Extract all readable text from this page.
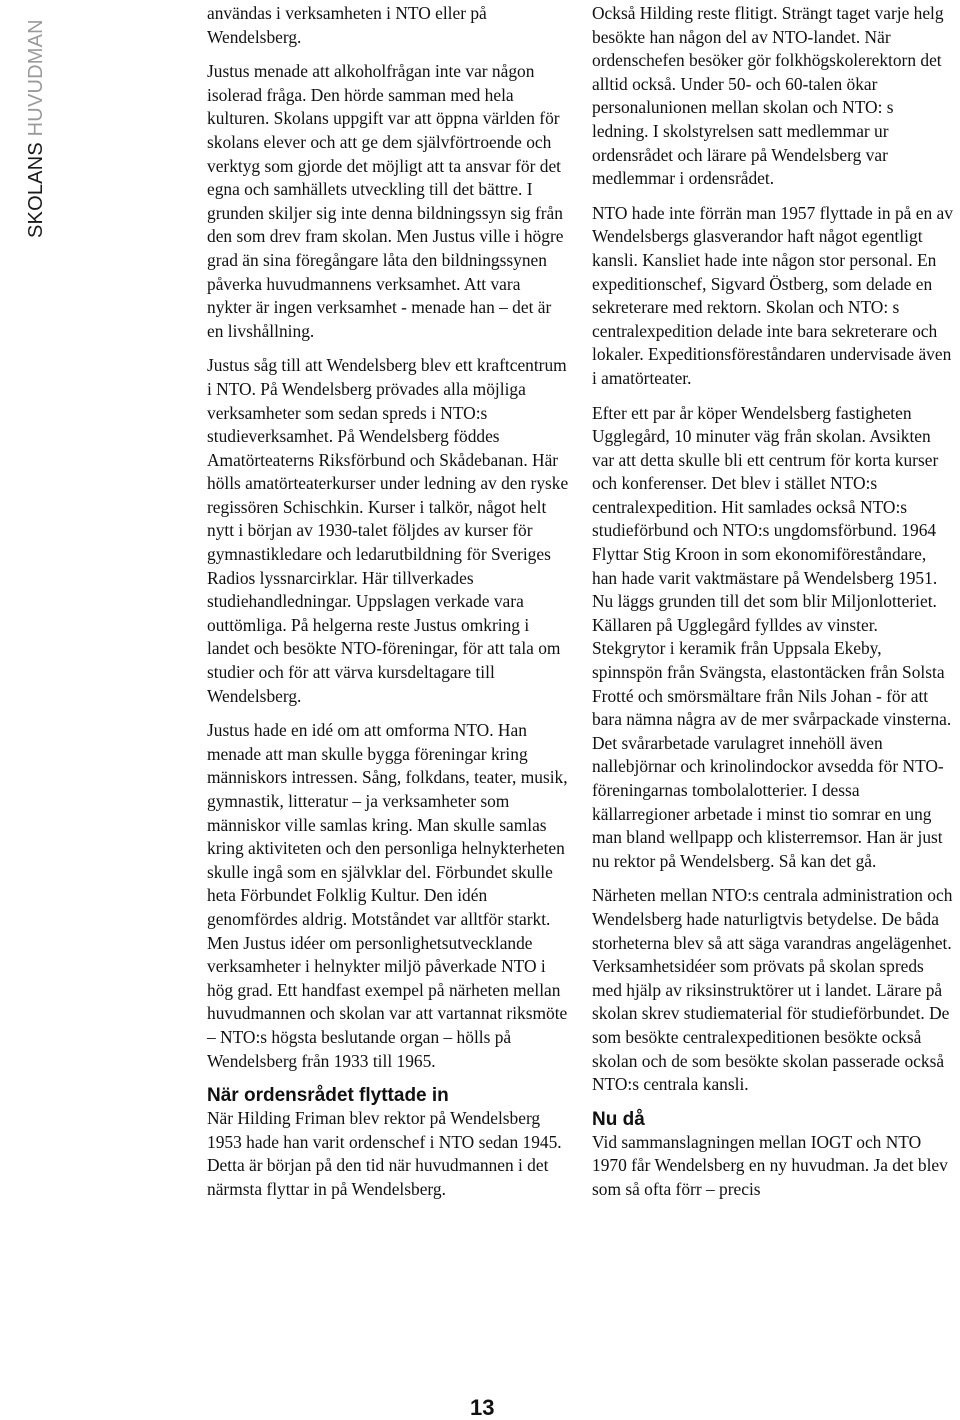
SKOLANS HUVUDMAN

användas i verksamheten i NTO eller på Wendelsberg.

Justus menade att alkoholfrågan inte var någon isolerad fråga. Den hörde samman med hela kulturen. Skolans uppgift var att öppna världen för skolans elever och att ge dem självförtroende och verktyg som gjorde det möjligt att ta ansvar för det egna och samhällets utveckling till det bättre. I grunden skiljer sig inte denna bildningssyn sig från den som drev fram skolan. Men Justus ville i högre grad än sina föregångare låta den bildningssynen påverka huvudmannens verksamhet. Att vara nykter är ingen verksamhet - menade han – det är en livshållning.

Justus såg till att Wendelsberg blev ett kraftcentrum i NTO. På Wendelsberg prövades alla möjliga verksamheter som sedan spreds i NTO:s studieverksamhet. På Wendelsberg föddes Amatörteaterns Riksförbund och Skådebanan. Här hölls amatörteaterkurser under ledning av den ryske regissören Schischkin. Kurser i talkör, något helt nytt i början av 1930-talet följdes av kurser för gymnastikledare och ledarutbildning för Sveriges Radios lyssnarcirklar. Här tillverkades studiehandledningar. Uppslagen verkade vara outtömliga. På helgerna reste Justus omkring i landet och besökte NTO-föreningar, för att tala om studier och för att värva kursdeltagare till Wendelsberg.

Justus hade en idé om att omforma NTO. Han menade att man skulle bygga föreningar kring människors intressen. Sång, folkdans, teater, musik, gymnastik, litteratur – ja verksamheter som människor ville samlas kring. Man skulle samlas kring aktiviteten och den personliga helnykterheten skulle ingå som en självklar del. Förbundet skulle heta Förbundet Folklig Kultur. Den idén genomfördes aldrig. Motståndet var alltför starkt. Men Justus idéer om personlighetsutvecklande verksamheter i helnykter miljö påverkade NTO i hög grad. Ett handfast exempel på närheten mellan huvudmannen och skolan var att vartannat riksmöte – NTO:s högsta beslutande organ – hölls på Wendelsberg från 1933 till 1965.

När ordensrådet flyttade in

När Hilding Friman blev rektor på Wendelsberg 1953 hade han varit ordenschef i NTO sedan 1945. Detta är början på den tid när huvudmannen i det närmsta flyttar in på Wendelsberg.

Också Hilding reste flitigt. Strängt taget varje helg besökte han någon del av NTO-landet. När ordenschefen besöker gör folkhögskolerektorn det alltid också. Under 50- och 60-talen ökar personalunionen mellan skolan och NTO: s ledning. I skolstyrelsen satt medlemmar ur ordensrådet och lärare på Wendelsberg var medlemmar i ordensrådet.

NTO hade inte förrän man 1957 flyttade in på en av Wendelsbergs glasverandor haft något egentligt kansli. Kansliet hade inte någon stor personal. En expeditionschef, Sigvard Östberg, som delade en sekreterare med rektorn. Skolan och NTO: s centralexpedition delade inte bara sekreterare och lokaler. Expeditionsföreståndaren undervisade även i amatörteater.

Efter ett par år köper Wendelsberg fastigheten Ugglegård, 10 minuter väg från skolan. Avsikten var att detta skulle bli ett centrum för korta kurser och konferenser. Det blev i stället NTO:s centralexpedition. Hit samlades också NTO:s studieförbund och NTO:s ungdomsförbund. 1964 Flyttar Stig Kroon in som ekonomiföreståndare, han hade varit vaktmästare på Wendelsberg 1951. Nu läggs grunden till det som blir Miljonlotteriet. Källaren på Ugglegård fylldes av vinster. Stekgrytor i keramik från Uppsala Ekeby, spinnspön från Svängsta, elastontäcken från Solsta Frotté och smörsmältare från Nils Johan - för att bara nämna några av de mer svårpackade vinsterna. Det svårarbetade varulagret innehöll även nallebjörnar och krinolindockor avsedda för NTO-föreningarnas tombolalotterier. I dessa källarregioner arbetade i minst tio somrar en ung man bland wellpapp och klisterremsor. Han är just nu rektor på Wendelsberg. Så kan det gå.

Närheten mellan NTO:s centrala administration och Wendelsberg hade naturligtvis betydelse. De båda storheterna blev så att säga varandras angelägenhet. Verksamhetsidéer som prövats på skolan spreds med hjälp av riksinstruktörer ut i landet. Lärare på skolan skrev studiematerial för studieförbundet. De som besökte centralexpeditionen besökte också skolan och de som besökte skolan passerade också NTO:s centrala kansli.

Nu då

Vid sammanslagningen mellan IOGT och NTO 1970 får Wendelsberg en ny huvudman. Ja det blev som så ofta förr – precis

13
